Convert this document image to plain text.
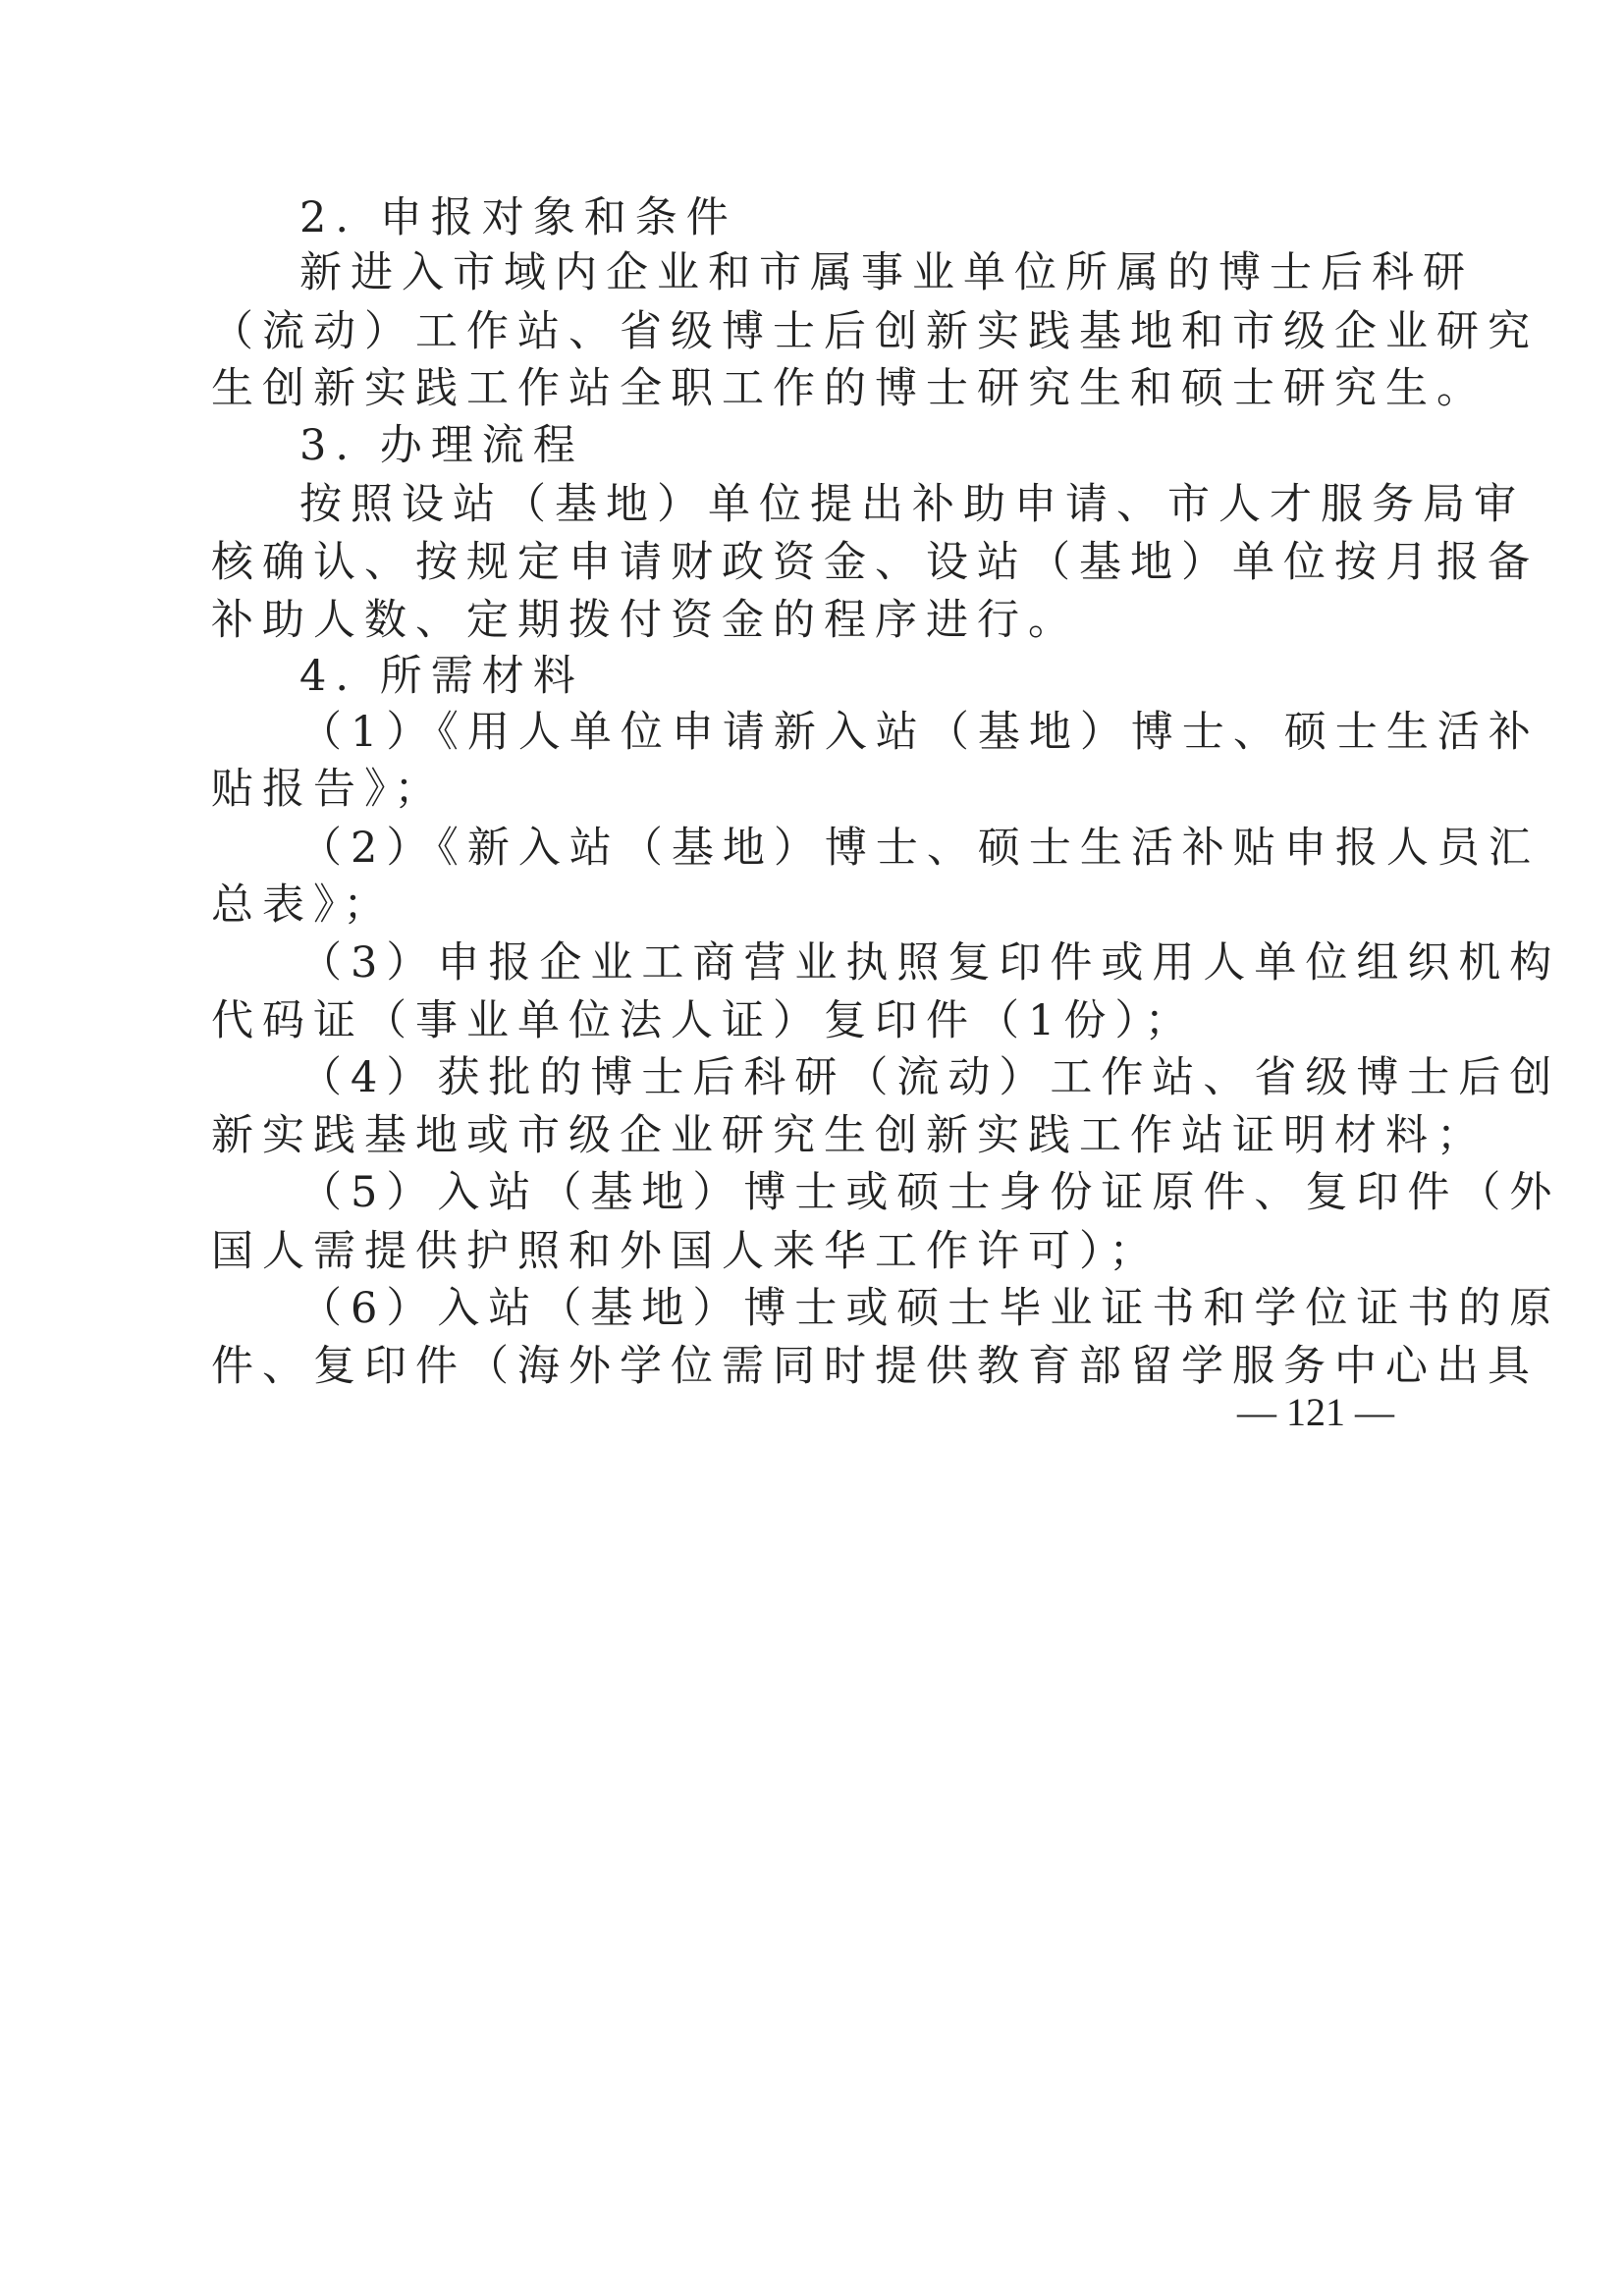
2. 申报对象和条件

新进入市域内企业和市属事业单位所属的博士后科研

（流动）工作站、省级博士后创新实践基地和市级企业研究

生创新实践工作站全职工作的博士研究生和硕士研究生。

3. 办理流程

按照设站（基地）单位提出补助申请、市人才服务局审

核确认、按规定申请财政资金、设站（基地）单位按月报备

补助人数、定期拨付资金的程序进行。

4. 所需材料

（1）《用人单位申请新入站（基地）博士、硕士生活补

贴报告》；

（2）《新入站（基地）博士、硕士生活补贴申报人员汇

总表》；

（3）申报企业工商营业执照复印件或用人单位组织机构

代码证（事业单位法人证）复印件（1份）；

（4）获批的博士后科研（流动）工作站、省级博士后创

新实践基地或市级企业研究生创新实践工作站证明材料；

（5）入站（基地）博士或硕士身份证原件、复印件（外

国人需提供护照和外国人来华工作许可）；

（6）入站（基地）博士或硕士毕业证书和学位证书的原

件、复印件（海外学位需同时提供教育部留学服务中心出具

— 121 —
